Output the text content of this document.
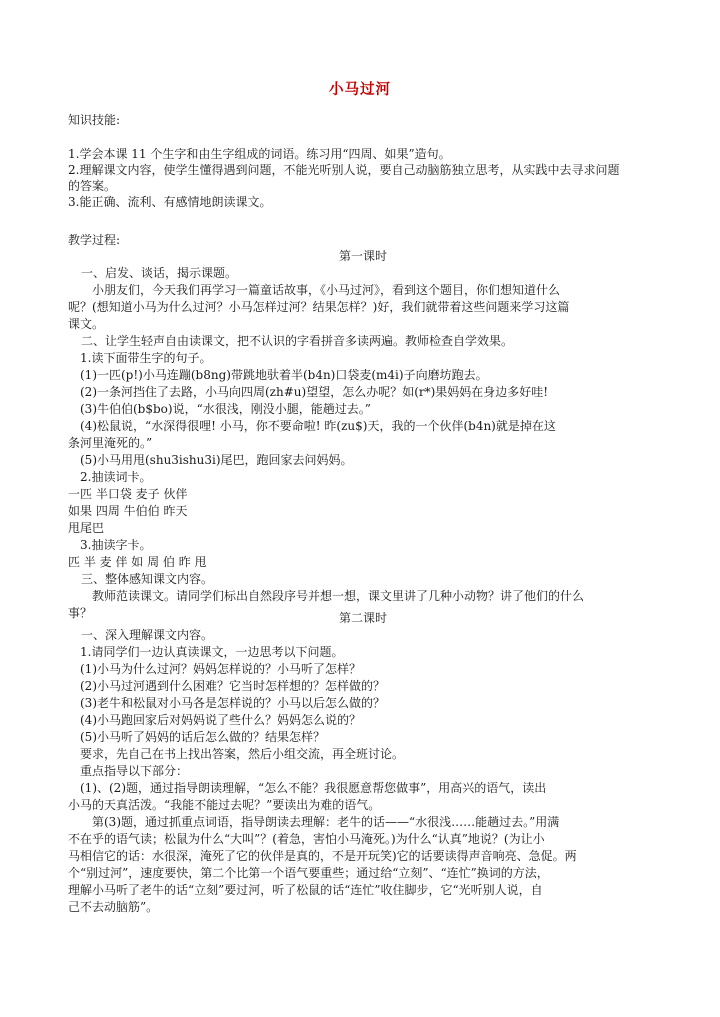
小马过河
知识技能:
1.学会本课 11 个生字和由生字组成的词语。练习用“四周、如果”造句。
2.理解课文内容，使学生懂得遇到问题，不能光听别人说，要自己动脑筋独立思考，从实践中去寻求问题
的答案。
3.能正确、流利、有感情地朗读课文。
教学过程:
第一课时
一、启发、谈话，揭示课题。
小朋友们，今天我们再学习一篇童话故事，《小马过河》，看到这个题目，你们想知道什么
呢？(想知道小马为什么过河？小马怎样过河？结果怎样？)好，我们就带着这些问题来学习这篇
课文。
二、让学生轻声自由读课文，把不认识的字看拼音多读两遍。教师检查自学效果。
1.读下面带生字的句子。
(1)一匹(p!)小马连蹦(b8ng)带跳地驮着半(b4n)口袋麦(m4i)子向磨坊跑去。
(2)一条河挡住了去路，小马向四周(zh#u)望望，怎么办呢？如(r*)果妈妈在身边多好哇!
(3)牛伯伯(b$bo)说，“水很浅，刚没小腿，能趟过去。”
(4)松鼠说，“水深得很哩! 小马，你不要命啦! 昨(zu$)天，我的一个伙伴(b4n)就是掉在这
条河里淹死的。”
(5)小马用甩(shu3ishu3i)尾巴，跑回家去问妈妈。
2.抽读词卡。
一匹 半口袋 麦子 伙伴
如果 四周 牛伯伯 昨天
甩尾巴
3.抽读字卡。
匹 半 麦 伴 如 周 伯 昨 甩
三、整体感知课文内容。
教师范读课文。请同学们标出自然段序号并想一想，课文里讲了几种小动物？讲了他们的什么
事？	第二课时
一、深入理解课文内容。
1.请同学们一边认真读课文，一边思考以下问题。
(1)小马为什么过河？妈妈怎样说的？小马听了怎样？
(2)小马过河遇到什么困难？它当时怎样想的？怎样做的？
(3)老牛和松鼠对小马各是怎样说的？小马以后怎么做的？
(4)小马跑回家后对妈妈说了些什么？妈妈怎么说的？
(5)小马听了妈妈的话后怎么做的？结果怎样？
要求，先自己在书上找出答案，然后小组交流，再全班讨论。
重点指导以下部分：
(1)、(2)题，通过指导朗读理解，“怎么不能？我很愿意帮您做事”，用高兴的语气，读出
小马的天真活泼。“我能不能过去呢？”要读出为难的语气。
第(3)题，通过抓重点词语，指导朗读去理解：老牛的话——“水很浅……能趟过去。”用满
不在乎的语气读；松鼠为什么“大叫”？(着急，害怕小马淹死。)为什么“认真”地说？(为让小
马相信它的话：水很深，淹死了它的伙伴是真的，不是开玩笑)它的话要读得声音响亮、急促。两
个“别过河”，速度要快，第二个比第一个语气要重些；通过给“立刻”、“连忙”换词的方法，
理解小马听了老牛的话“立刻”要过河，听了松鼠的话“连忙”收住脚步，它“光听别人说，自
己不去动脑筋”。
